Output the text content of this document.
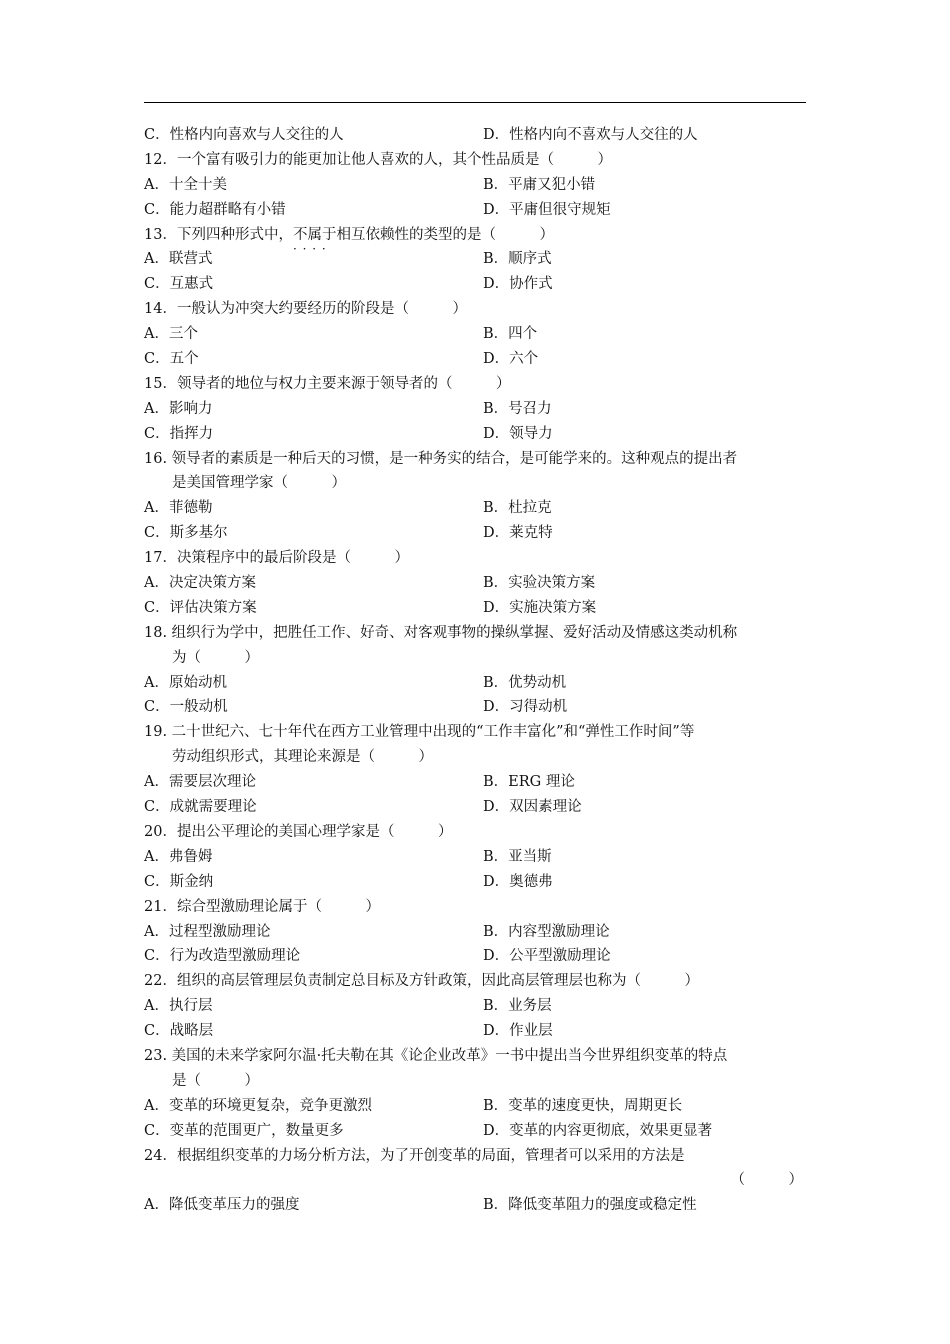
C．性格内向喜欢与人交往的人	D．性格内向不喜欢与人交往的人
12．一个富有吸引力的能更加让他人喜欢的人，其个性品质是（　　　）
A．十全十美	B．平庸又犯小错
C．能力超群略有小错	D．平庸但很守规矩
13．下列四种形式中，不属于 · · · ·相互依赖性的类型的是（　　　）
A．联营式	B．顺序式
C．互惠式	D．协作式
14．一般认为冲突大约要经历的阶段是（　　　）
A．三个	B．四个
C．五个	D．六个
15．领导者的地位与权力主要来源于领导者的（　　　）
A．影响力	B．号召力
C．指挥力	D．领导力
16. 领导者的素质是一种后天的习惯，是一种务实的结合，是可能学来的。这种观点的提出者
是美国管理学家（　　　）
A．菲德勒	B．杜拉克
C．斯多基尔	D．莱克特
17．决策程序中的最后阶段是（　　　）
A．决定决策方案	B．实验决策方案
C．评估决策方案	D．实施决策方案
18. 组织行为学中，把胜任工作、好奇、对客观事物的操纵掌握、爱好活动及情感这类动机称
为（　　　）
A．原始动机	B．优势动机
C．一般动机	D．习得动机
19. 二十世纪六、七十年代在西方工业管理中出现的“工作丰富化”和“弹性工作时间”等
劳动组织形式，其理论来源是（　　　）
A．需要层次理论	B．ERG 理论
C．成就需要理论	D．双因素理论
20．提出公平理论的美国心理学家是（　　　）
A．弗鲁姆	B．亚当斯
C．斯金纳	D．奥德弗
21．综合型激励理论属于（　　　）
A．过程型激励理论	B．内容型激励理论
C．行为改造型激励理论	D．公平型激励理论
22．组织的高层管理层负责制定总目标及方针政策，因此高层管理层也称为（　　　）
A．执行层	B．业务层
C．战略层	D．作业层
23. 美国的未来学家阿尔温·托夫勒在其《论企业改革》一书中提出当今世界组织变革的特点
是（　　　）
A．变革的环境更复杂，竞争更激烈	B．变革的速度更快，周期更长
C．变革的范围更广，数量更多	D．变革的内容更彻底，效果更显著
24．根据组织变革的力场分析方法，为了开创变革的局面，管理者可以采用的方法是
（　　　）
A．降低变革压力的强度	B．降低变革阻力的强度或稳定性
